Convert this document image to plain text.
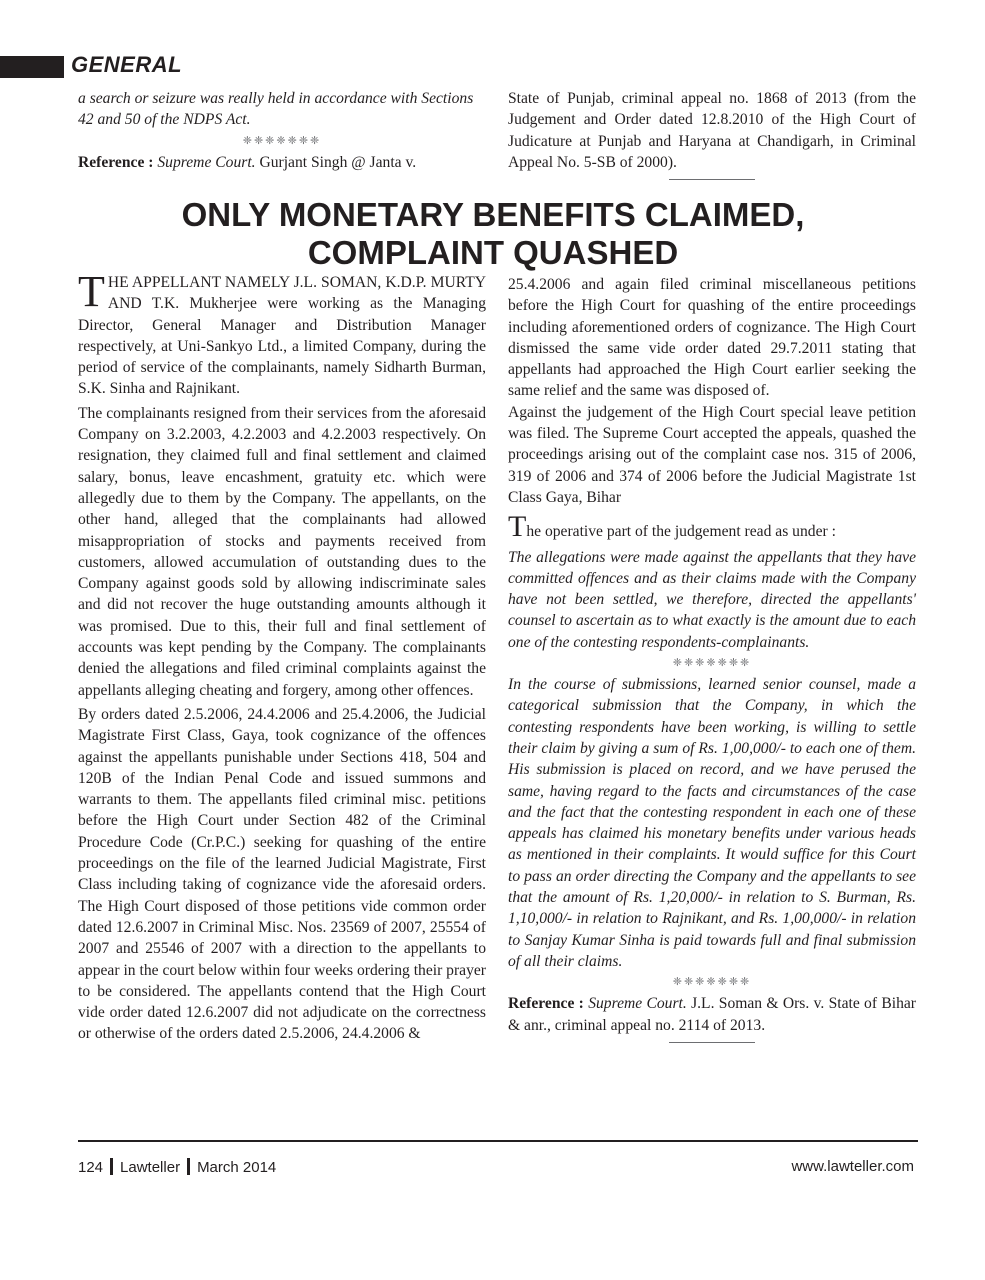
GENERAL

a search or seizure was really held in accordance with Sections 42 and 50 of the NDPS Act.

❈❈❈❈❈❈❈

Reference : Supreme Court. Gurjant Singh @ Janta v.

State of Punjab, criminal appeal no. 1868 of 2013 (from the Judgement and Order dated 12.8.2010 of the High Court of Judicature at Punjab and Haryana at Chandigarh, in Criminal Appeal No. 5-SB of 2000).

ONLY MONETARY BENEFITS CLAIMED,
COMPLAINT QUASHED

THE APPELLANT NAMELY J.L. SOMAN, K.D.P. MURTY AND T.K. Mukherjee were working as the Managing Director, General Manager and Distribution Manager respectively, at Uni-Sankyo Ltd., a limited Company, during the period of service of the complainants, namely Sidharth Burman, S.K. Sinha and Rajnikant.

The complainants resigned from their services from the aforesaid Company on 3.2.2003, 4.2.2003 and 4.2.2003 respectively. On resignation, they claimed full and final settlement and claimed salary, bonus, leave encashment, gratuity etc. which were allegedly due to them by the Company. The appellants, on the other hand, alleged that the complainants had allowed misappropriation of stocks and payments received from customers, allowed accumulation of outstanding dues to the Company against goods sold by allowing indiscriminate sales and did not recover the huge outstanding amounts although it was promised. Due to this, their full and final settlement of accounts was kept pending by the Company. The complainants denied the allegations and filed criminal complaints against the appellants alleging cheating and forgery, among other offences.

By orders dated 2.5.2006, 24.4.2006 and 25.4.2006, the Judicial Magistrate First Class, Gaya, took cognizance of the offences against the appellants punishable under Sections 418, 504 and 120B of the Indian Penal Code and issued summons and warrants to them. The appellants filed criminal misc. petitions before the High Court under Section 482 of the Criminal Procedure Code (Cr.P.C.) seeking for quashing of the entire proceedings on the file of the learned Judicial Magistrate, First Class including taking of cognizance vide the aforesaid orders. The High Court disposed of those petitions vide common order dated 12.6.2007 in Criminal Misc. Nos. 23569 of 2007, 25554 of 2007 and 25546 of 2007 with a direction to the appellants to appear in the court below within four weeks ordering their prayer to be considered. The appellants contend that the High Court vide order dated 12.6.2007 did not adjudicate on the correctness or otherwise of the orders dated 2.5.2006, 24.4.2006 &

25.4.2006 and again filed criminal miscellaneous petitions before the High Court for quashing of the entire proceedings including aforementioned orders of cognizance. The High Court dismissed the same vide order dated 29.7.2011 stating that appellants had approached the High Court earlier seeking the same relief and the same was disposed of.

Against the judgement of the High Court special leave petition was filed. The Supreme Court accepted the appeals, quashed the proceedings arising out of the complaint case nos. 315 of 2006, 319 of 2006 and 374 of 2006 before the Judicial Magistrate 1st Class Gaya, Bihar

The operative part of the judgement read as under :

The allegations were made against the appellants that they have committed offences and as their claims made with the Company have not been settled, we therefore, directed the appellants' counsel to ascertain as to what exactly is the amount due to each one of the contesting respondents-complainants.

❈❈❈❈❈❈❈

In the course of submissions, learned senior counsel, made a categorical submission that the Company, in which the contesting respondents have been working, is willing to settle their claim by giving a sum of Rs. 1,00,000/- to each one of them. His submission is placed on record, and we have perused the same, having regard to the facts and circumstances of the case and the fact that the contesting respondent in each one of these appeals has claimed his monetary benefits under various heads as mentioned in their complaints. It would suffice for this Court to pass an order directing the Company and the appellants to see that the amount of Rs. 1,20,000/- in relation to S. Burman, Rs. 1,10,000/- in relation to Rajnikant, and Rs. 1,00,000/- in relation to Sanjay Kumar Sinha is paid towards full and final submission of all their claims.

❈❈❈❈❈❈❈

Reference : Supreme Court. J.L. Soman & Ors. v. State of Bihar & anr., criminal appeal no. 2114 of 2013.

124 Lawteller March 2014	www.lawteller.com
